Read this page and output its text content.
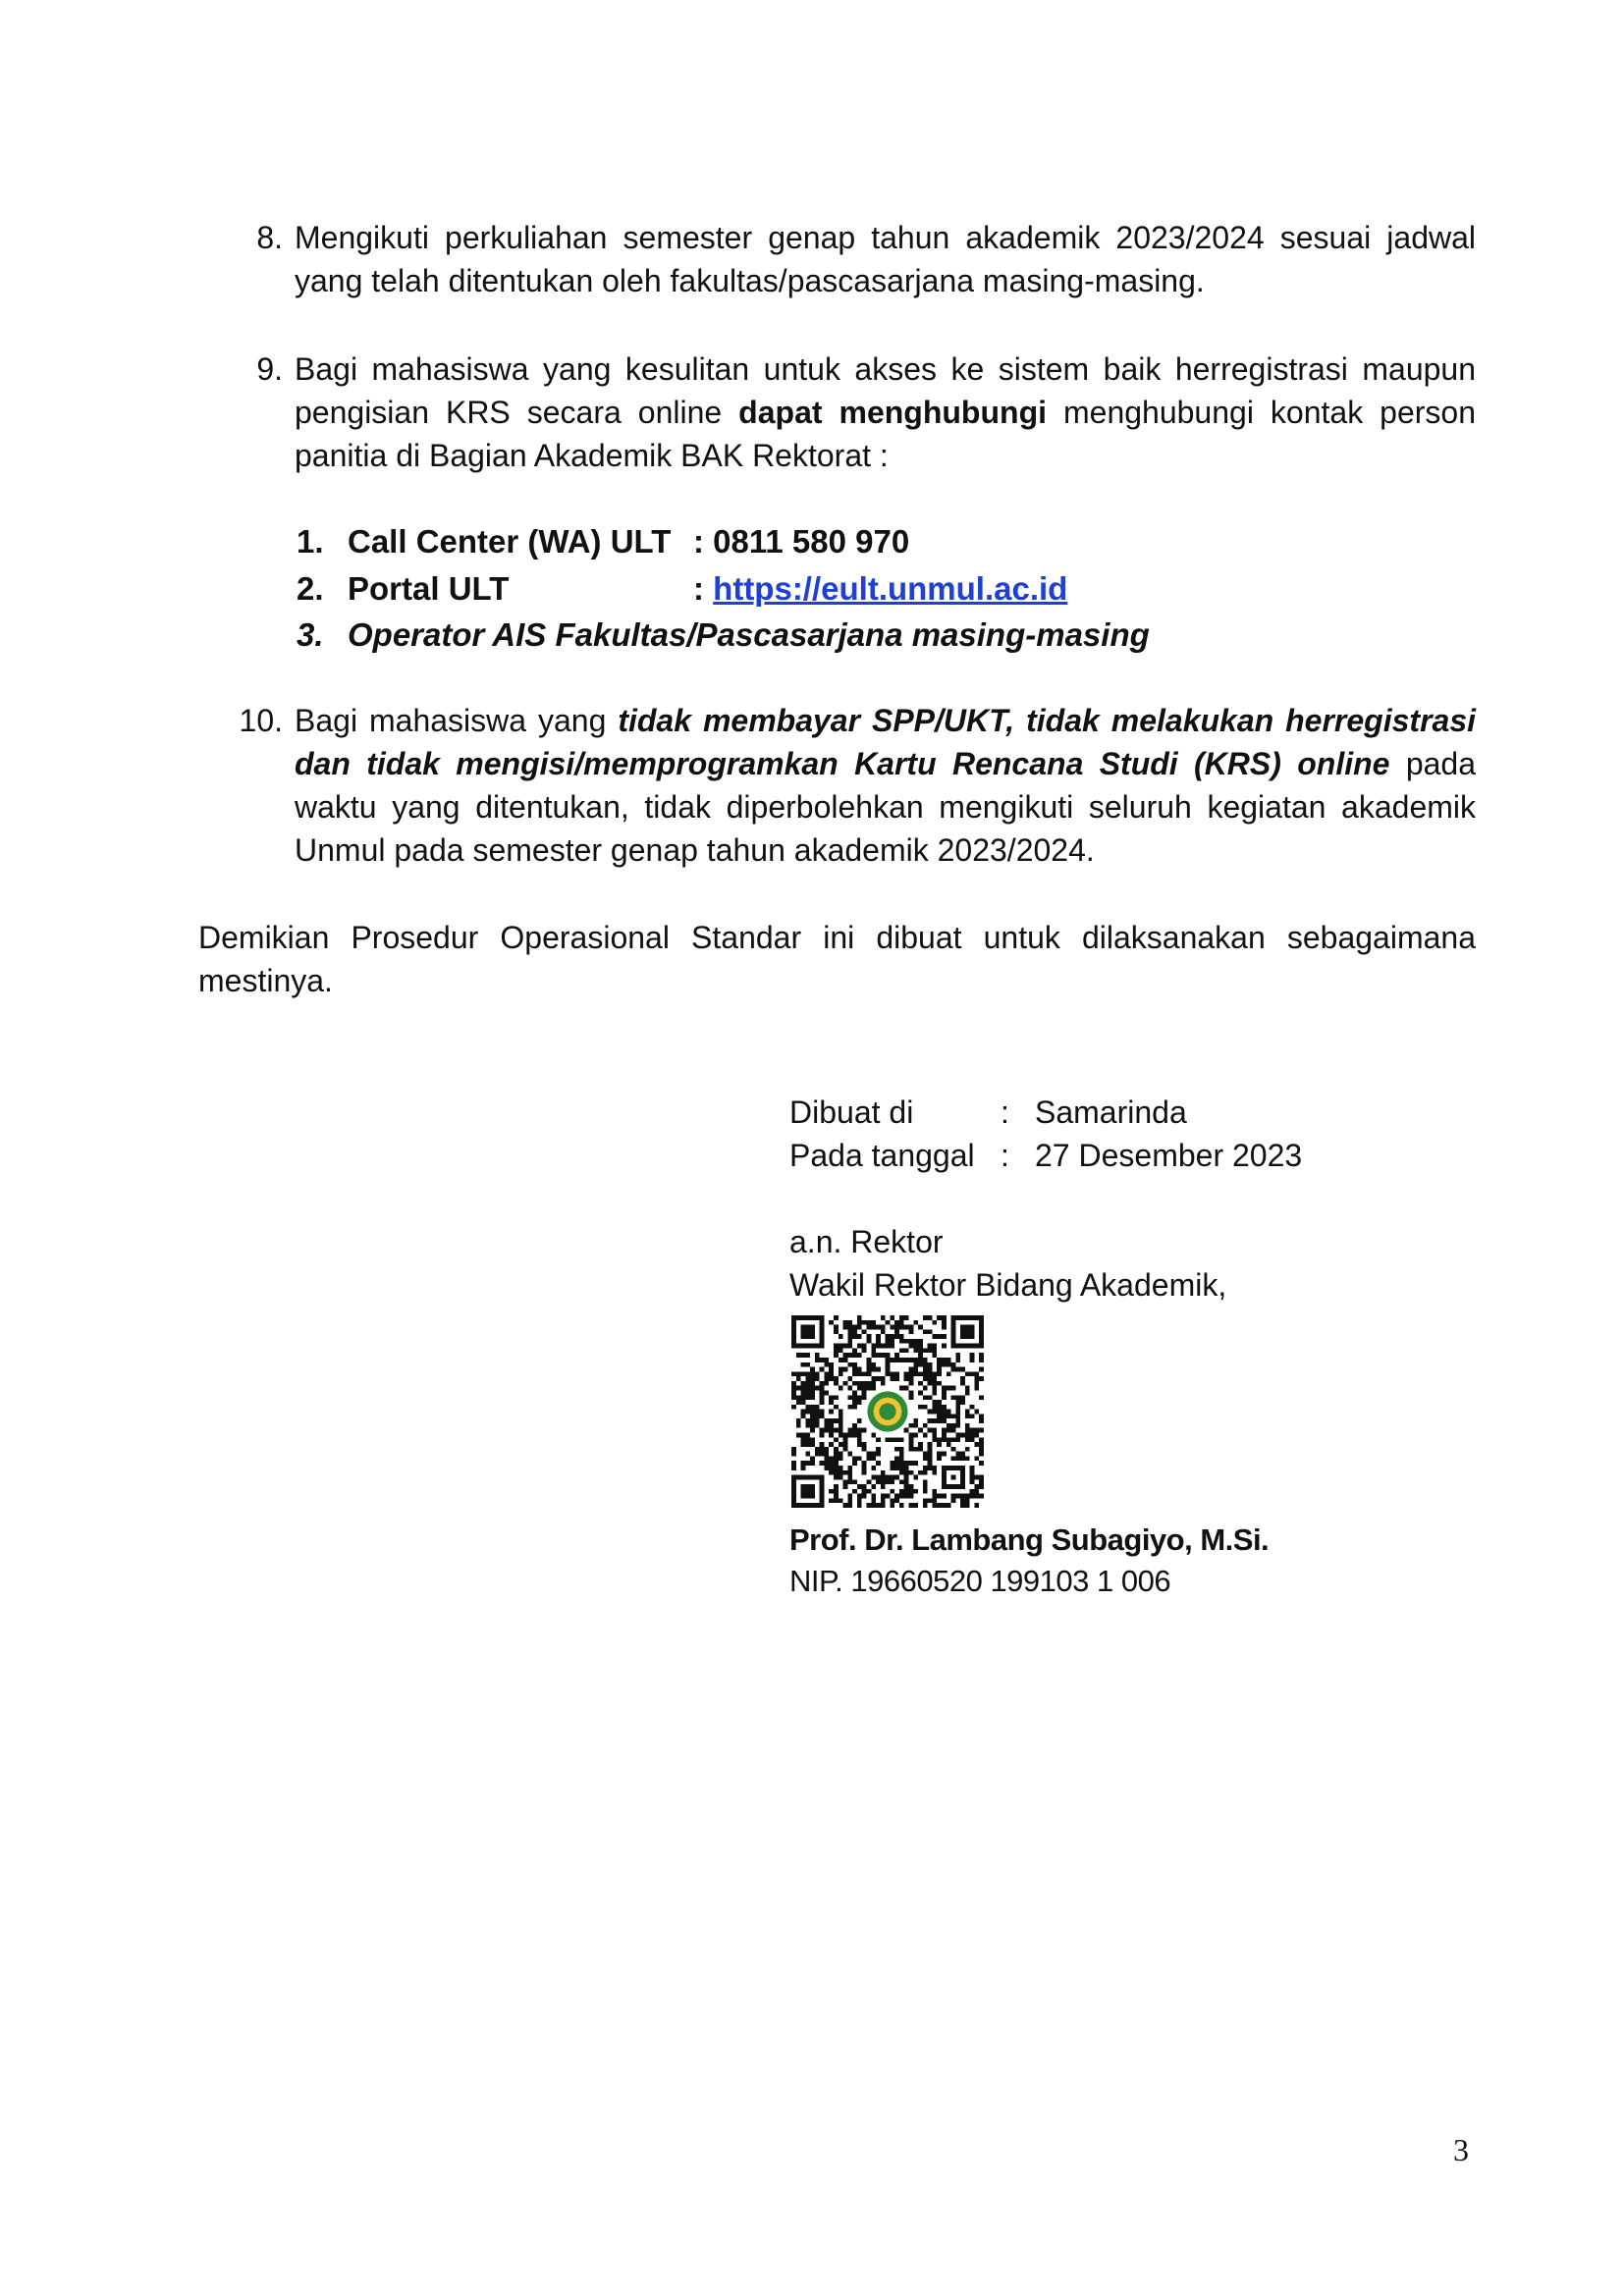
8. Mengikuti perkuliahan semester genap tahun akademik 2023/2024 sesuai jadwal yang telah ditentukan oleh fakultas/pascasarjana masing-masing.
9. Bagi mahasiswa yang kesulitan untuk akses ke sistem baik herregistrasi maupun pengisian KRS secara online dapat menghubungi menghubungi kontak person panitia di Bagian Akademik BAK Rektorat :
1. Call Center (WA) ULT : 0811 580 970
2. Portal ULT	: https://eult.unmul.ac.id
3. Operator AIS Fakultas/Pascasarjana masing-masing
10. Bagi mahasiswa yang tidak membayar SPP/UKT, tidak melakukan herregistrasi dan tidak mengisi/memprogramkan Kartu Rencana Studi (KRS) online pada waktu yang ditentukan, tidak diperbolehkan mengikuti seluruh kegiatan akademik Unmul pada semester genap tahun akademik 2023/2024.
Demikian Prosedur Operasional Standar ini dibuat untuk dilaksanakan sebagaimana mestinya.
Dibuat di	: Samarinda
Pada tanggal : 27 Desember 2023
a.n. Rektor
Wakil Rektor Bidang Akademik,
Prof. Dr. Lambang Subagiyo, M.Si.
NIP. 19660520 199103 1 006
3
